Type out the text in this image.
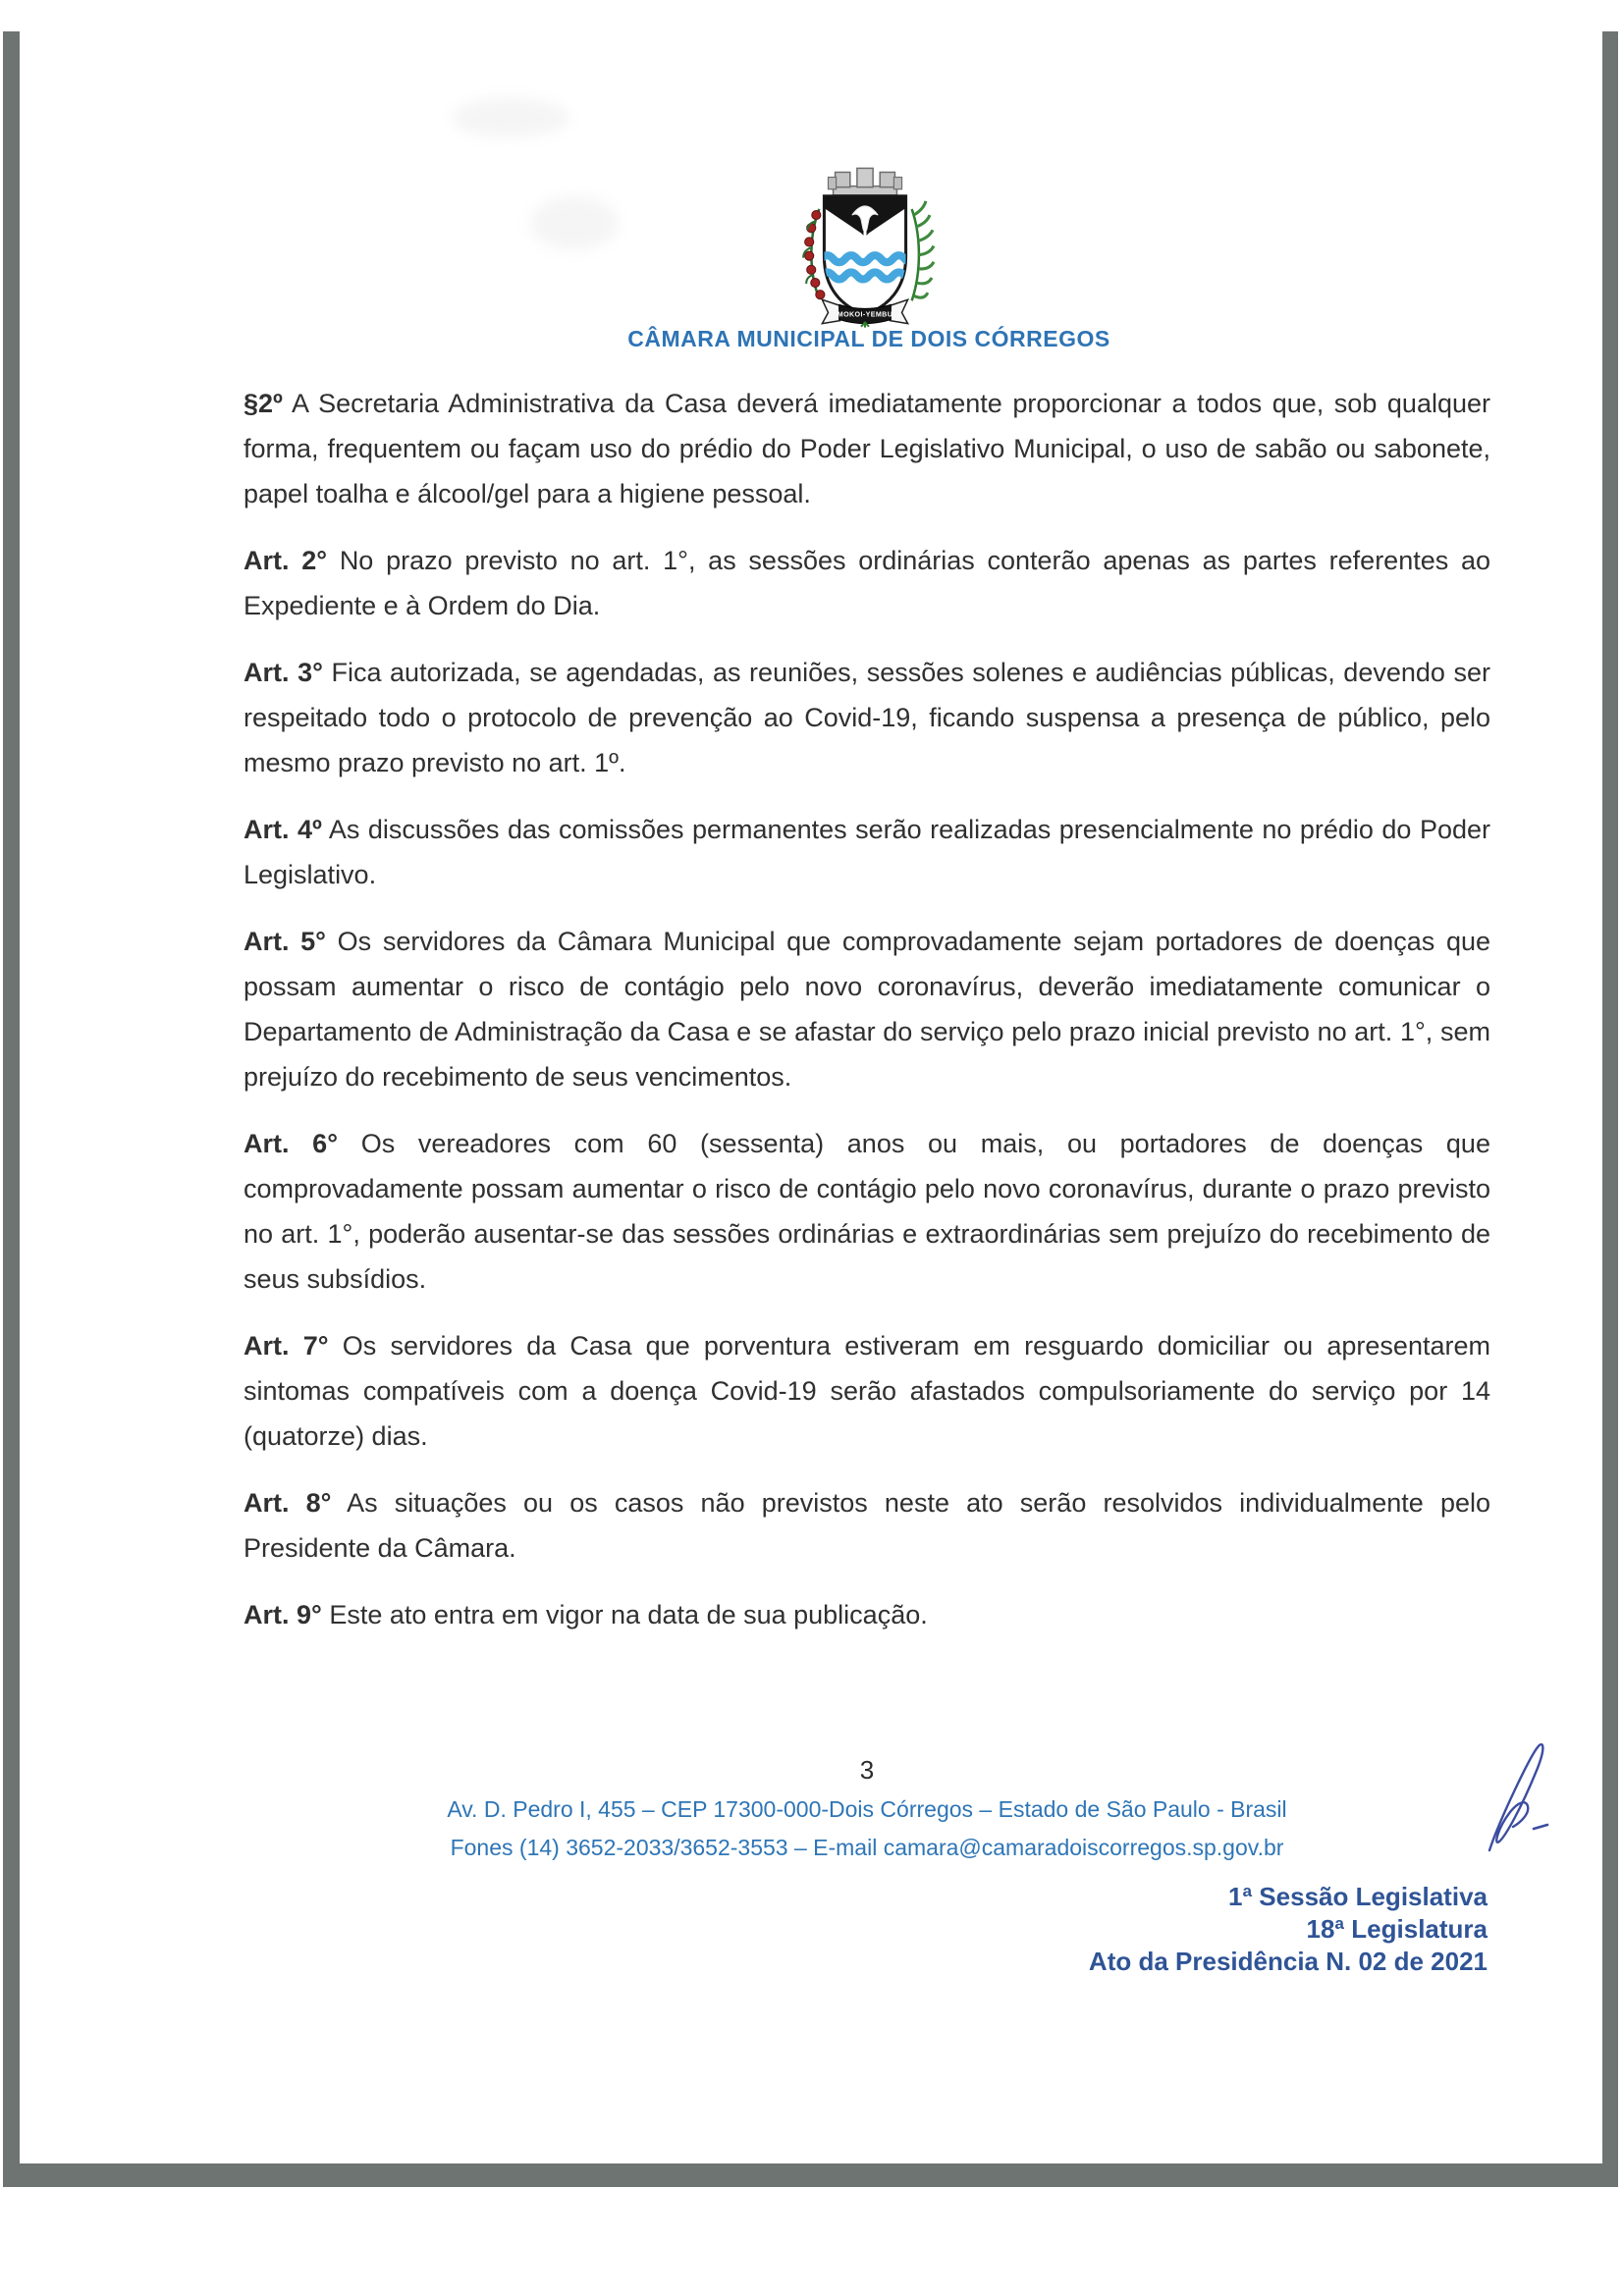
MOKOI-YEMBU
CÂMARA MUNICIPAL DE DOIS CÓRREGOS

§2º A Secretaria Administrativa da Casa deverá imediatamente proporcionar a todos que, sob qualquer forma, frequentem ou façam uso do prédio do Poder Legislativo Municipal, o uso de sabão ou sabonete, papel toalha e álcool/gel para a higiene pessoal.

Art. 2° No prazo previsto no art. 1°, as sessões ordinárias conterão apenas as partes referentes ao Expediente e à Ordem do Dia.

Art. 3° Fica autorizada, se agendadas, as reuniões, sessões solenes e audiências públicas, devendo ser respeitado todo o protocolo de prevenção ao Covid-19, ficando suspensa a presença de público, pelo mesmo prazo previsto no art. 1º.

Art. 4º As discussões das comissões permanentes serão realizadas presencialmente no prédio do Poder Legislativo.

Art. 5° Os servidores da Câmara Municipal que comprovadamente sejam portadores de doenças que possam aumentar o risco de contágio pelo novo coronavírus, deverão imediatamente comunicar o Departamento de Administração da Casa e se afastar do serviço pelo prazo inicial previsto no art. 1°, sem prejuízo do recebimento de seus vencimentos.

Art. 6° Os vereadores com 60 (sessenta) anos ou mais, ou portadores de doenças que comprovadamente possam aumentar o risco de contágio pelo novo coronavírus, durante o prazo previsto no art. 1°, poderão ausentar-se das sessões ordinárias e extraordinárias sem prejuízo do recebimento de seus subsídios.

Art. 7° Os servidores da Casa que porventura estiveram em resguardo domiciliar ou apresentarem sintomas compatíveis com a doença Covid-19 serão afastados compulsoriamente do serviço por 14 (quatorze) dias.

Art. 8° As situações ou os casos não previstos neste ato serão resolvidos individualmente pelo Presidente da Câmara.

Art. 9° Este ato entra em vigor na data de sua publicação.

3
Av. D. Pedro I, 455 – CEP 17300-000-Dois Córregos – Estado de São Paulo - Brasil
Fones (14) 3652-2033/3652-3553 – E-mail camara@camaradoiscorregos.sp.gov.br
1ª Sessão Legislativa
18ª Legislatura
Ato da Presidência N. 02 de 2021
